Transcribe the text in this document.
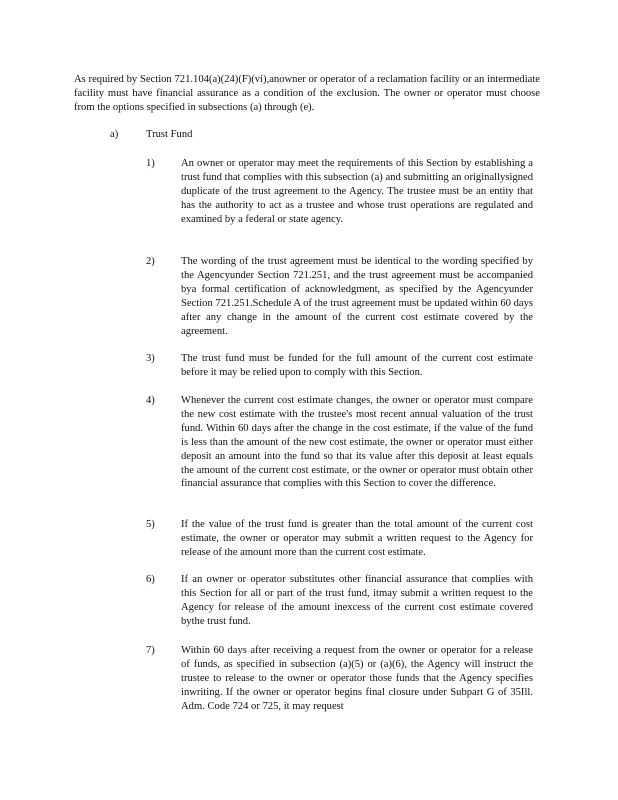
As required by Section 721.104(a)(24)(F)(vi),anowner or operator of a reclamation facility or an intermediate facility must have financial assurance as a condition of the exclusion. The owner or operator must choose from the options specified in subsections (a) through (e).
a)	Trust Fund
1) An owner or operator may meet the requirements of this Section by establishing a trust fund that complies with this subsection (a) and submitting an originallysigned duplicate of the trust agreement to the Agency. The trustee must be an entity that has the authority to act as a trustee and whose trust operations are regulated and examined by a federal or state agency.
2) The wording of the trust agreement must be identical to the wording specified by the Agencyunder Section 721.251, and the trust agreement must be accompanied bya formal certification of acknowledgment, as specified by the Agencyunder Section 721.251.Schedule A of the trust agreement must be updated within 60 days after any change in the amount of the current cost estimate covered by the agreement.
3) The trust fund must be funded for the full amount of the current cost estimate before it may be relied upon to comply with this Section.
4) Whenever the current cost estimate changes, the owner or operator must compare the new cost estimate with the trustee's most recent annual valuation of the trust fund. Within 60 days after the change in the cost estimate, if the value of the fund is less than the amount of the new cost estimate, the owner or operator must either deposit an amount into the fund so that its value after this deposit at least equals the amount of the current cost estimate, or the owner or operator must obtain other financial assurance that complies with this Section to cover the difference.
5) If the value of the trust fund is greater than the total amount of the current cost estimate, the owner or operator may submit a written request to the Agency for release of the amount more than the current cost estimate.
6) If an owner or operator substitutes other financial assurance that complies with this Section for all or part of the trust fund, itmay submit a written request to the Agency for release of the amount inexcess of the current cost estimate covered bythe trust fund.
7) Within 60 days after receiving a request from the owner or operator for a release of funds, as specified in subsection (a)(5) or (a)(6), the Agency will instruct the trustee to release to the owner or operator those funds that the Agency specifies inwriting. If the owner or operator begins final closure under Subpart G of 35Ill. Adm. Code 724 or 725, it may request
